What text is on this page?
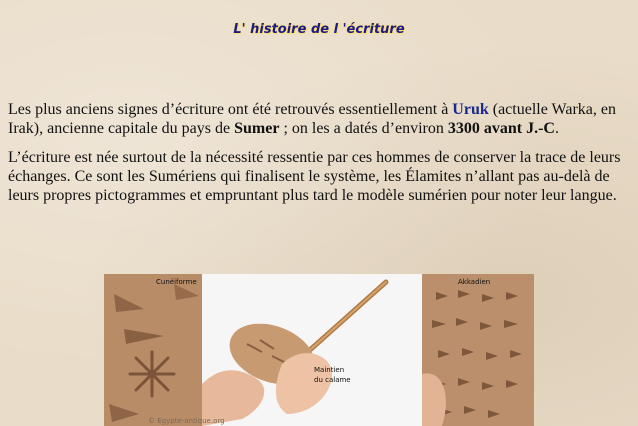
L' histoire de l 'écriture

Les plus anciens signes d’écriture ont été retrouvés essentiellement à Uruk (actuelle Warka, en Irak), ancienne capitale du pays de Sumer ; on les a datés d’environ 3300 avant J.-C.

L’écriture est née surtout de la nécessité ressentie par ces hommes de conserver la trace de leurs échanges. Ce sont les Sumériens qui finalisent le système, les Élamites n’allant pas au-delà de leurs propres pictogrammes et empruntant plus tard le modèle sumérien pour noter leur langue.

Cunéiforme
Maintien
du calame
Akkadien
© Egypte-antique.org
